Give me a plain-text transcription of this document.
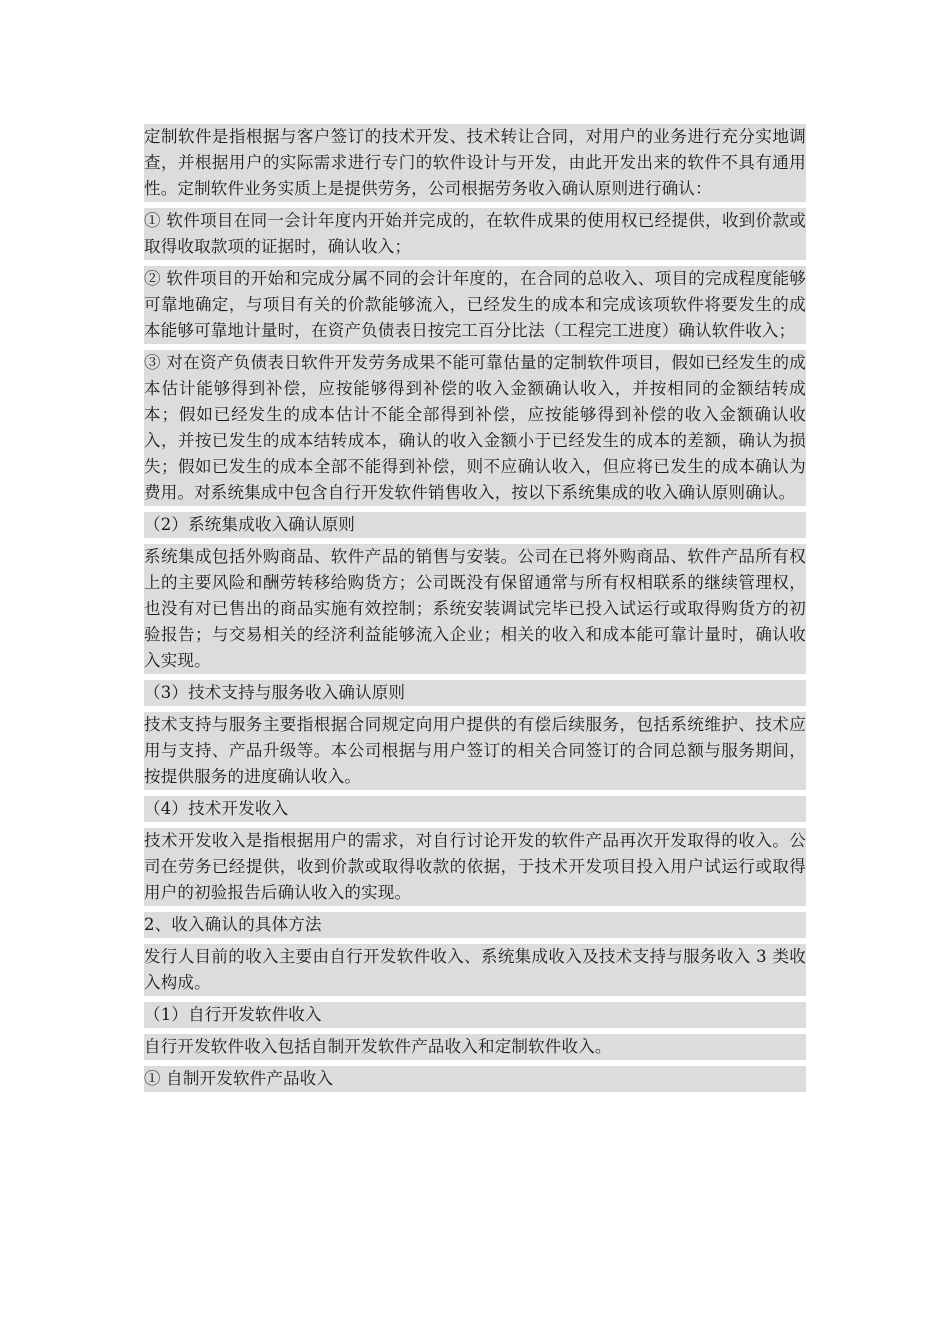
定制软件是指根据与客户签订的技术开发、技术转让合同，对用户的业务进行充分实地调查，并根据用户的实际需求进行专门的软件设计与开发，由此开发出来的软件不具有通用性。定制软件业务实质上是提供劳务，公司根据劳务收入确认原则进行确认：

① 软件项目在同一会计年度内开始并完成的，在软件成果的使用权已经提供，收到价款或取得收取款项的证据时，确认收入；

② 软件项目的开始和完成分属不同的会计年度的，在合同的总收入、项目的完成程度能够可靠地确定，与项目有关的价款能够流入，已经发生的成本和完成该项软件将要发生的成本能够可靠地计量时，在资产负债表日按完工百分比法（工程完工进度）确认软件收入；

③ 对在资产负债表日软件开发劳务成果不能可靠估量的定制软件项目，假如已经发生的成本估计能够得到补偿，应按能够得到补偿的收入金额确认收入，并按相同的金额结转成本；假如已经发生的成本估计不能全部得到补偿，应按能够得到补偿的收入金额确认收入，并按已发生的成本结转成本，确认的收入金额小于已经发生的成本的差额，确认为损失；假如已发生的成本全部不能得到补偿，则不应确认收入，但应将已发生的成本确认为费用。对系统集成中包含自行开发软件销售收入，按以下系统集成的收入确认原则确认。

（2）系统集成收入确认原则

系统集成包括外购商品、软件产品的销售与安装。公司在已将外购商品、软件产品所有权上的主要风险和酬劳转移给购货方；公司既没有保留通常与所有权相联系的继续管理权，也没有对已售出的商品实施有效控制；系统安装调试完毕已投入试运行或取得购货方的初验报告；与交易相关的经济利益能够流入企业；相关的收入和成本能可靠计量时，确认收入实现。

（3）技术支持与服务收入确认原则

技术支持与服务主要指根据合同规定向用户提供的有偿后续服务，包括系统维护、技术应用与支持、产品升级等。本公司根据与用户签订的相关合同签订的合同总额与服务期间，按提供服务的进度确认收入。

（4）技术开发收入

技术开发收入是指根据用户的需求，对自行讨论开发的软件产品再次开发取得的收入。公司在劳务已经提供，收到价款或取得收款的依据，于技术开发项目投入用户试运行或取得用户的初验报告后确认收入的实现。

2、收入确认的具体方法

发行人目前的收入主要由自行开发软件收入、系统集成收入及技术支持与服务收入 3 类收入构成。

（1）自行开发软件收入

自行开发软件收入包括自制开发软件产品收入和定制软件收入。

① 自制开发软件产品收入
